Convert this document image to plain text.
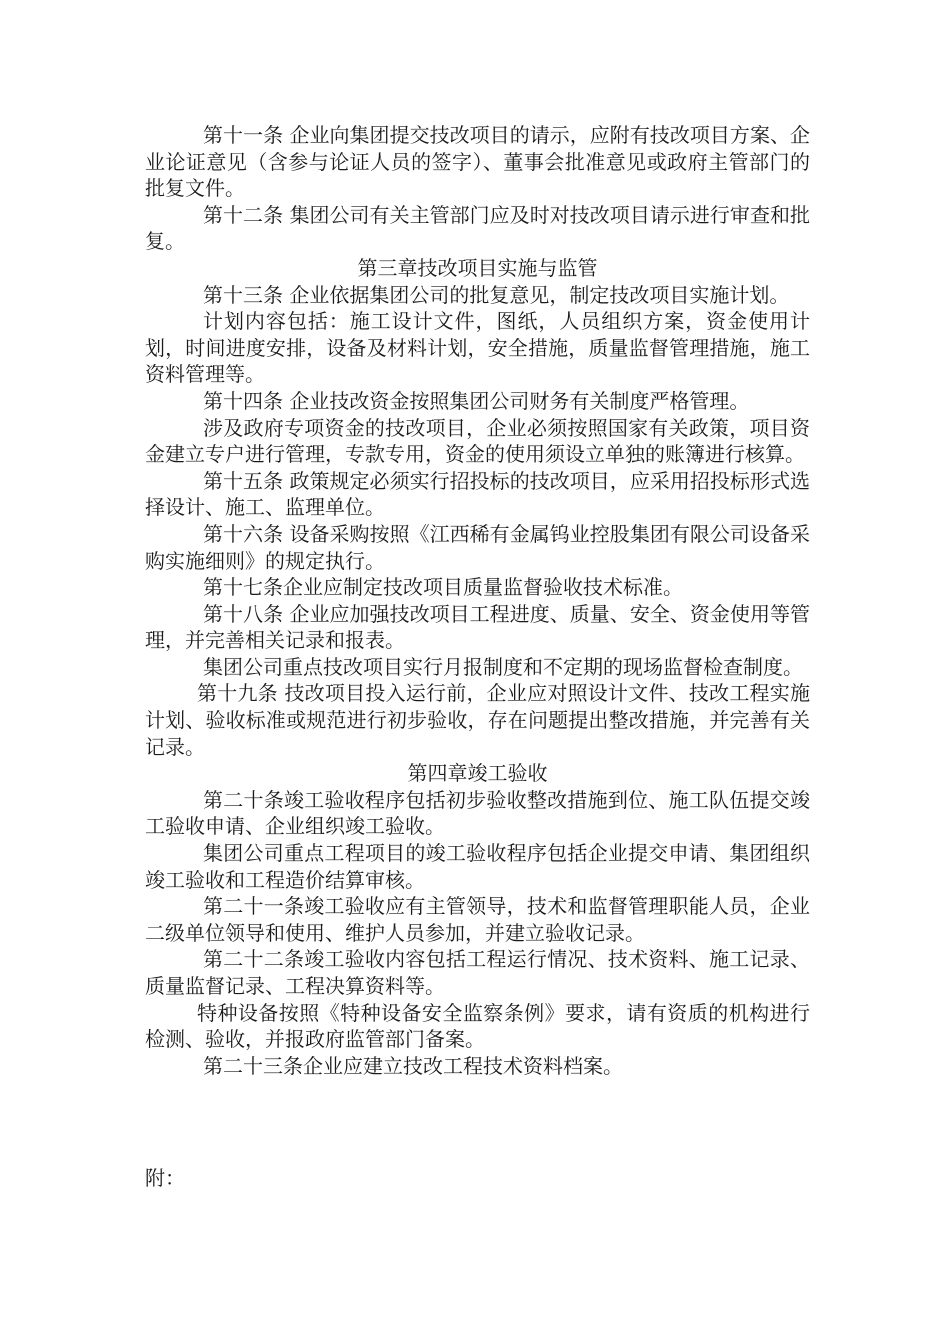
第十一条 企业向集团提交技改项目的请示，应附有技改项目方案、企业论证意见（含参与论证人员的签字）、董事会批准意见或政府主管部门的批复文件。

第十二条 集团公司有关主管部门应及时对技改项目请示进行审查和批复。

第三章技改项目实施与监管

第十三条 企业依据集团公司的批复意见，制定技改项目实施计划。

计划内容包括：施工设计文件，图纸，人员组织方案，资金使用计划，时间进度安排，设备及材料计划，安全措施，质量监督管理措施，施工资料管理等。

第十四条 企业技改资金按照集团公司财务有关制度严格管理。

涉及政府专项资金的技改项目，企业必须按照国家有关政策，项目资金建立专户进行管理，专款专用，资金的使用须设立单独的账簿进行核算。

第十五条 政策规定必须实行招投标的技改项目，应采用招投标形式选择设计、施工、监理单位。

第十六条 设备采购按照《江西稀有金属钨业控股集团有限公司设备采购实施细则》的规定执行。

第十七条企业应制定技改项目质量监督验收技术标准。

第十八条 企业应加强技改项目工程进度、质量、安全、资金使用等管理，并完善相关记录和报表。

集团公司重点技改项目实行月报制度和不定期的现场监督检查制度。

第十九条 技改项目投入运行前，企业应对照设计文件、技改工程实施计划、验收标准或规范进行初步验收，存在问题提出整改措施，并完善有关记录。

第四章竣工验收

第二十条竣工验收程序包括初步验收整改措施到位、施工队伍提交竣工验收申请、企业组织竣工验收。

集团公司重点工程项目的竣工验收程序包括企业提交申请、集团组织竣工验收和工程造价结算审核。

第二十一条竣工验收应有主管领导，技术和监督管理职能人员，企业二级单位领导和使用、维护人员参加，并建立验收记录。

第二十二条竣工验收内容包括工程运行情况、技术资料、施工记录、质量监督记录、工程决算资料等。

特种设备按照《特种设备安全监察条例》要求，请有资质的机构进行检测、验收，并报政府监管部门备案。

第二十三条企业应建立技改工程技术资料档案。

附：
